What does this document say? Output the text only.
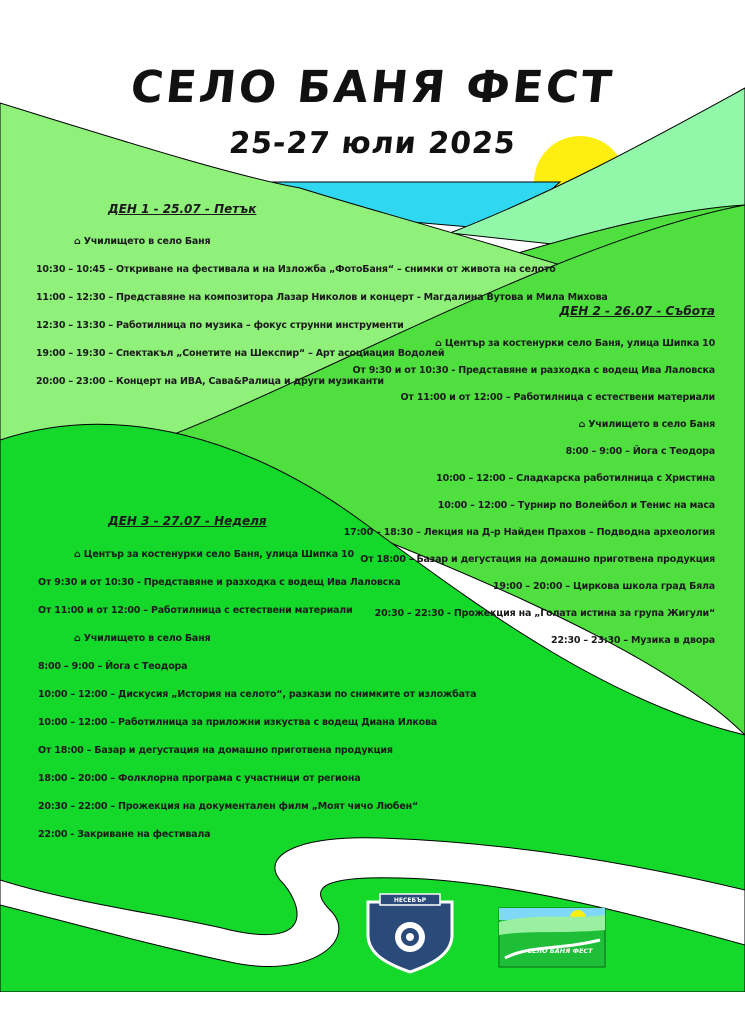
НЕСЕБЪР
СЕЛО БАНЯ ФЕСТ
СЕЛО БАНЯ ФЕСТ
25-27 юли 2025
ДЕН 1 - 25.07 - Петък
⌂ Училището в село Баня
10:30 – 10:45 – Откриване на фестивала и на Изложба „ФотоБаня“ – снимки от живота на селото
11:00 – 12:30 – Представяне на композитора Лазар Николов и концерт - Магдалина Вутова и Мила Михова
12:30 – 13:30 – Работилница по музика – фокус струнни инструменти
19:00 – 19:30 – Спектакъл „Сонетите на Шекспир“ – Арт асоциация Водолей
20:00 – 23:00 – Концерт на ИВА, Сава&Ралица и други музиканти
ДЕН 2 - 26.07 - Събота
⌂ Център за костенурки село Баня, улица Шипка 10
От 9:30 и от 10:30 - Представяне и разходка с водещ Ива Лаловска
От 11:00 и от 12:00 – Работилница с естествени материали
⌂ Училището в село Баня
8:00 – 9:00 – Йога с Теодора
10:00 – 12:00 – Сладкарска работилница с Христина
10:00 – 12:00 – Турнир по Волейбол и Тенис на маса
17:00 – 18:30 – Лекция на Д-р Найден Прахов – Подводна археология
От 18:00 – Базар и дегустация на домашно приготвена продукция
19:00 – 20:00 – Циркова школа град Бяла
20:30 – 22:30 - Прожекция на „Голата истина за група Жигули“
22:30 – 23:30 – Музика в двора
ДЕН 3 - 27.07 - Неделя
⌂ Център за костенурки село Баня, улица Шипка 10
От 9:30 и от 10:30 - Представяне и разходка с водещ Ива Лаловска
От 11:00 и от 12:00 – Работилница с естествени материали
⌂ Училището в село Баня
8:00 – 9:00 – Йога с Теодора
10:00 – 12:00 – Дискусия „История на селото“, разкази по снимките от изложбата
10:00 – 12:00 – Работилница за приложни изкуства с водещ Диана Илкова
От 18:00 – Базар и дегустация на домашно приготвена продукция
18:00 – 20:00 – Фолклорна програма с участници от региона
20:30 – 22:00 – Прожекция на документален филм „Моят чичо Любен“
22:00 - Закриване на фестивала
